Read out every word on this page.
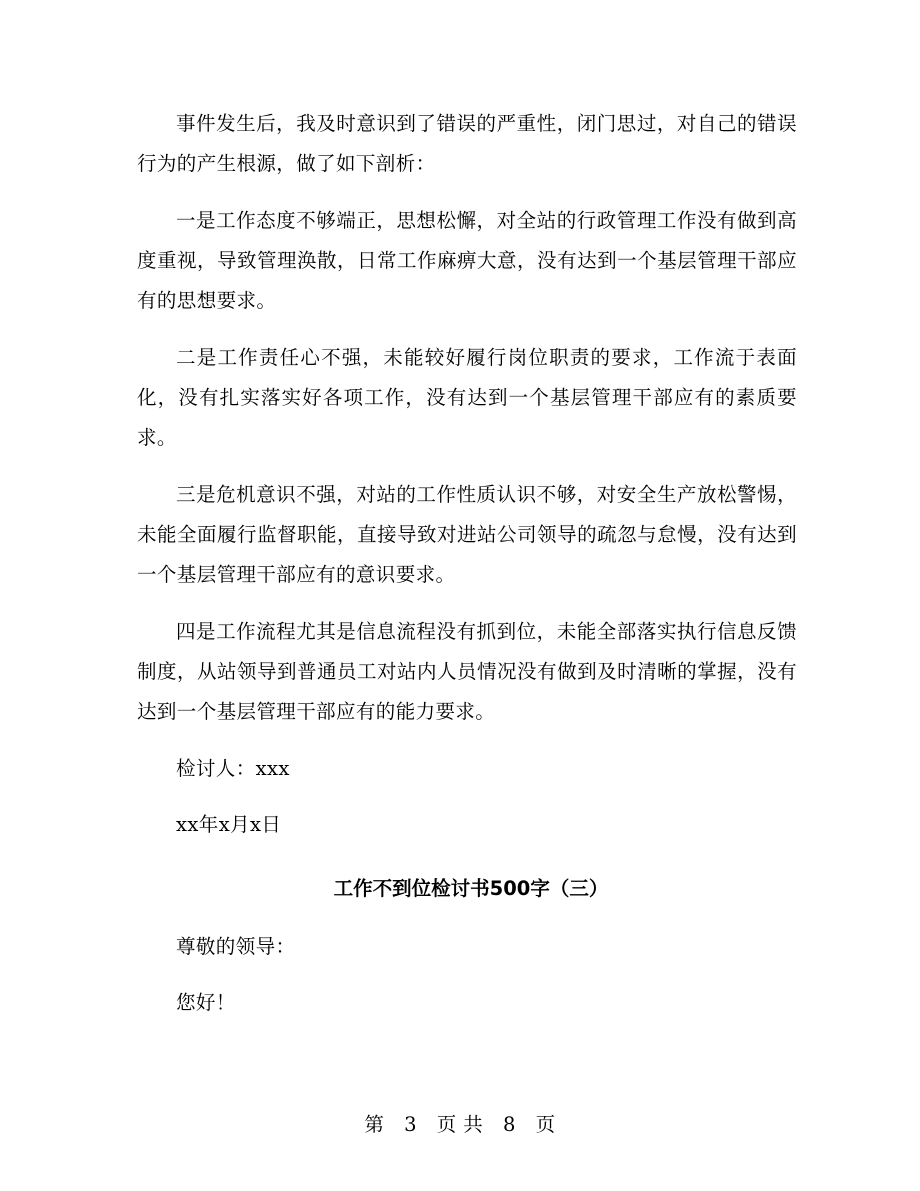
事件发生后，我及时意识到了错误的严重性，闭门思过，对自己的错误行为的产生根源，做了如下剖析：

一是工作态度不够端正，思想松懈，对全站的行政管理工作没有做到高度重视，导致管理涣散，日常工作麻痹大意，没有达到一个基层管理干部应有的思想要求。

二是工作责任心不强，未能较好履行岗位职责的要求，工作流于表面化，没有扎实落实好各项工作，没有达到一个基层管理干部应有的素质要求。

三是危机意识不强，对站的工作性质认识不够，对安全生产放松警惕，未能全面履行监督职能，直接导致对进站公司领导的疏忽与怠慢，没有达到一个基层管理干部应有的意识要求。

四是工作流程尤其是信息流程没有抓到位，未能全部落实执行信息反馈制度，从站领导到普通员工对站内人员情况没有做到及时清晰的掌握，没有达到一个基层管理干部应有的能力要求。

检讨人：xxx

xx年x月x日

工作不到位检讨书500字（三）

尊敬的领导：

您好！

第 3 页 共 8 页
